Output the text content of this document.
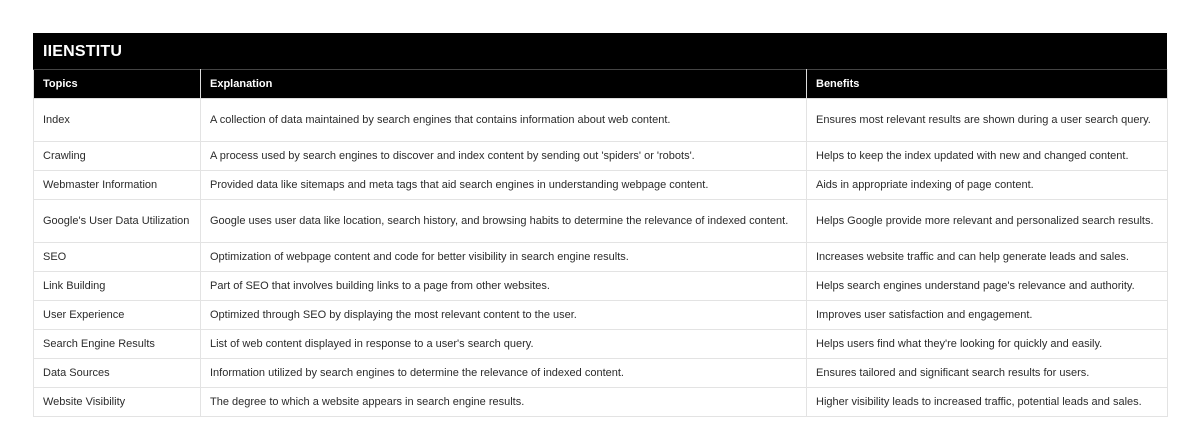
IIENSTITU
Topics	Explanation	Benefits
Index	A collection of data maintained by search engines that contains information about web content.	Ensures most relevant results are shown during a user search query.
Crawling	A process used by search engines to discover and index content by sending out 'spiders' or 'robots'.	Helps to keep the index updated with new and changed content.
Webmaster Information	Provided data like sitemaps and meta tags that aid search engines in understanding webpage content.	Aids in appropriate indexing of page content.
Google's User Data Utilization	Google uses user data like location, search history, and browsing habits to determine the relevance of indexed content.	Helps Google provide more relevant and personalized search results.
SEO	Optimization of webpage content and code for better visibility in search engine results.	Increases website traffic and can help generate leads and sales.
Link Building	Part of SEO that involves building links to a page from other websites.	Helps search engines understand page's relevance and authority.
User Experience	Optimized through SEO by displaying the most relevant content to the user.	Improves user satisfaction and engagement.
Search Engine Results	List of web content displayed in response to a user's search query.	Helps users find what they're looking for quickly and easily.
Data Sources	Information utilized by search engines to determine the relevance of indexed content.	Ensures tailored and significant search results for users.
Website Visibility	The degree to which a website appears in search engine results.	Higher visibility leads to increased traffic, potential leads and sales.
